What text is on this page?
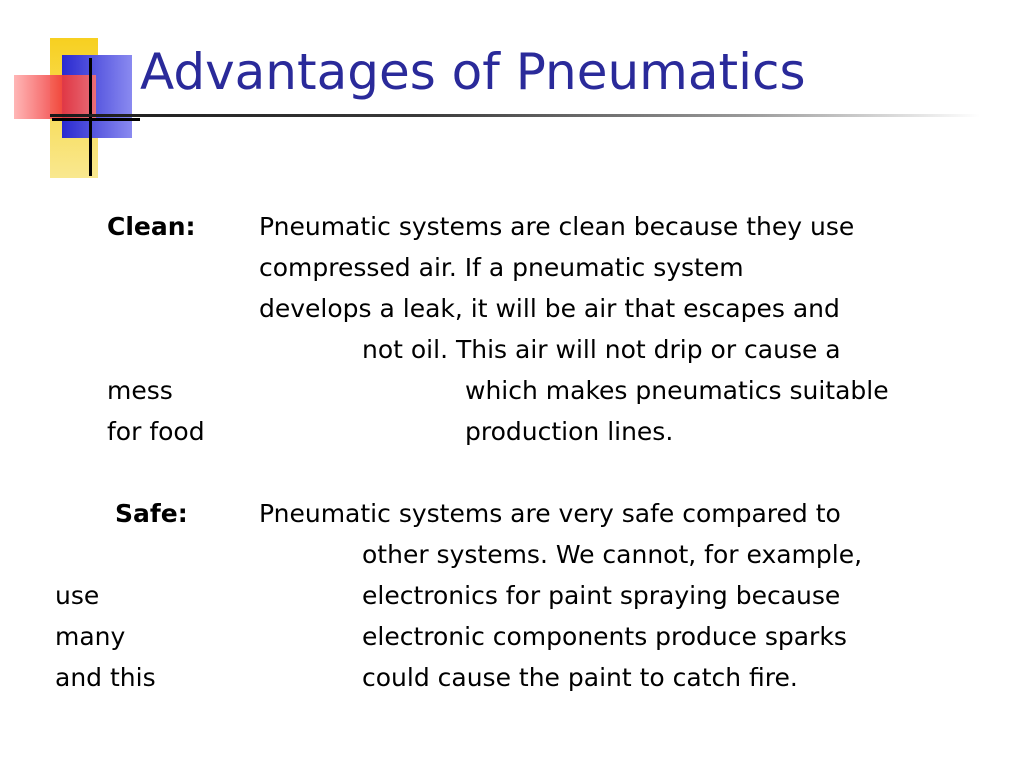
Advantages of Pneumatics

Clean:	Pneumatic systems are clean because they use

compressed air. If a pneumatic system

develops a leak, it will be air that escapes and

not oil. This air will not drip or cause a

mess	which makes pneumatics suitable

for food	production lines.

Safe:	Pneumatic systems are very safe compared to

other systems. We cannot, for example,

use	electronics for paint spraying because

many	electronic components produce sparks

and this	could cause the paint to catch fire.
